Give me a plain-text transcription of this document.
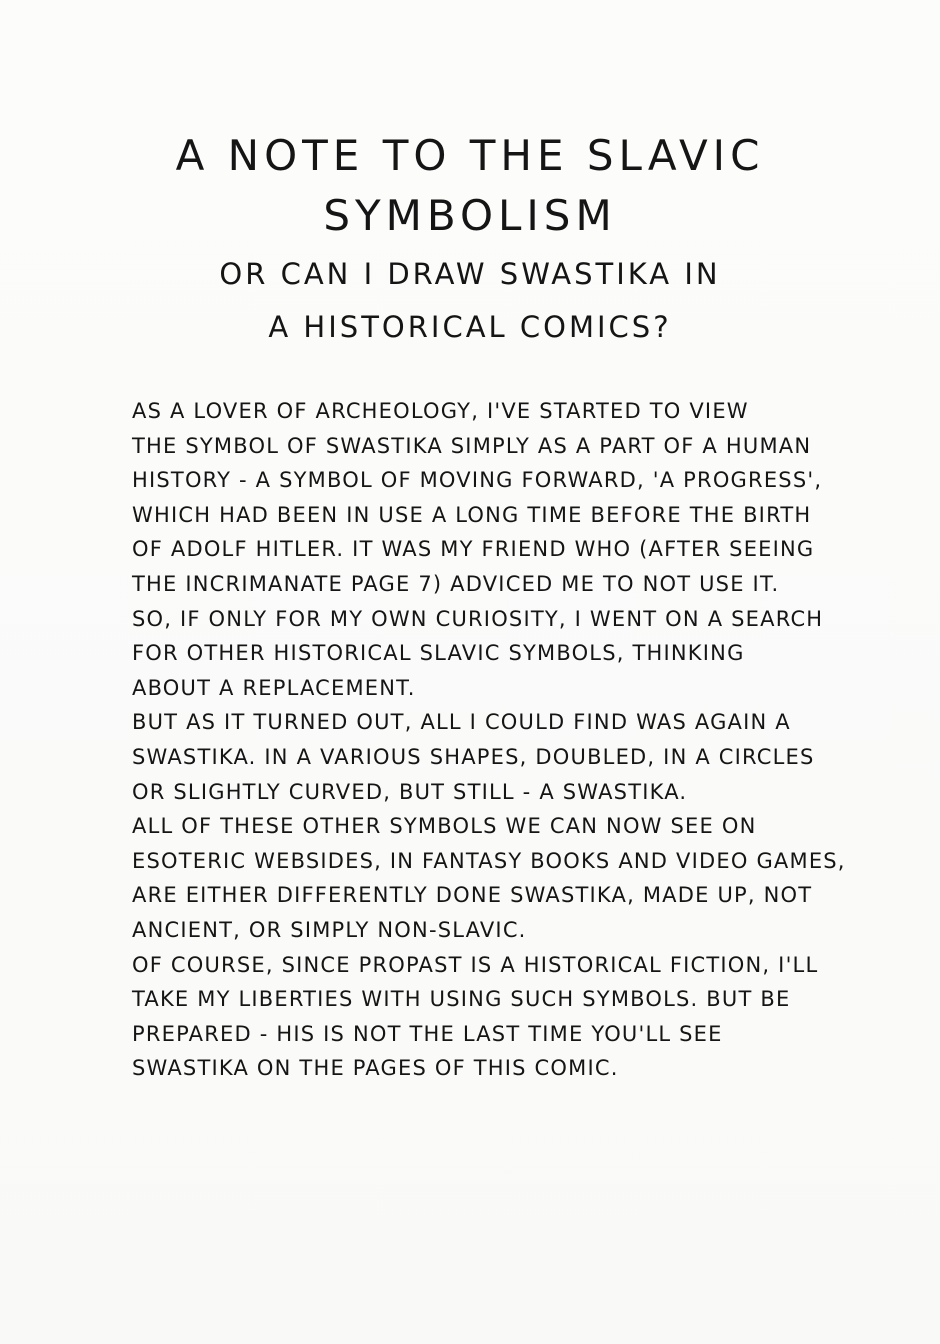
A NOTE TO THE SLAVIC
SYMBOLISM
OR CAN I DRAW SWASTIKA IN
A HISTORICAL COMICS?
AS A LOVER OF ARCHEOLOGY, I'VE STARTED TO VIEW
THE SYMBOL OF SWASTIKA SIMPLY AS A PART OF A HUMAN
HISTORY - A SYMBOL OF MOVING FORWARD, 'A PROGRESS',
WHICH HAD BEEN IN USE A LONG TIME BEFORE THE BIRTH
OF ADOLF HITLER. IT WAS MY FRIEND WHO (AFTER SEEING
THE INCRIMANATE PAGE 7) ADVICED ME TO NOT USE IT.
SO, IF ONLY FOR MY OWN CURIOSITY, I WENT ON A SEARCH
FOR OTHER HISTORICAL SLAVIC SYMBOLS, THINKING
ABOUT A REPLACEMENT.
BUT AS IT TURNED OUT, ALL I COULD FIND WAS AGAIN A
SWASTIKA. IN A VARIOUS SHAPES, DOUBLED, IN A CIRCLES
OR SLIGHTLY CURVED, BUT STILL - A SWASTIKA.
ALL OF THESE OTHER SYMBOLS WE CAN NOW SEE ON
ESOTERIC WEBSIDES, IN FANTASY BOOKS AND VIDEO GAMES,
ARE EITHER DIFFERENTLY DONE SWASTIKA, MADE UP, NOT
ANCIENT, OR SIMPLY NON-SLAVIC.
OF COURSE, SINCE PROPAST IS A HISTORICAL FICTION, I'LL
TAKE MY LIBERTIES WITH USING SUCH SYMBOLS. BUT BE
PREPARED - HIS IS NOT THE LAST TIME YOU'LL SEE
SWASTIKA ON THE PAGES OF THIS COMIC.
